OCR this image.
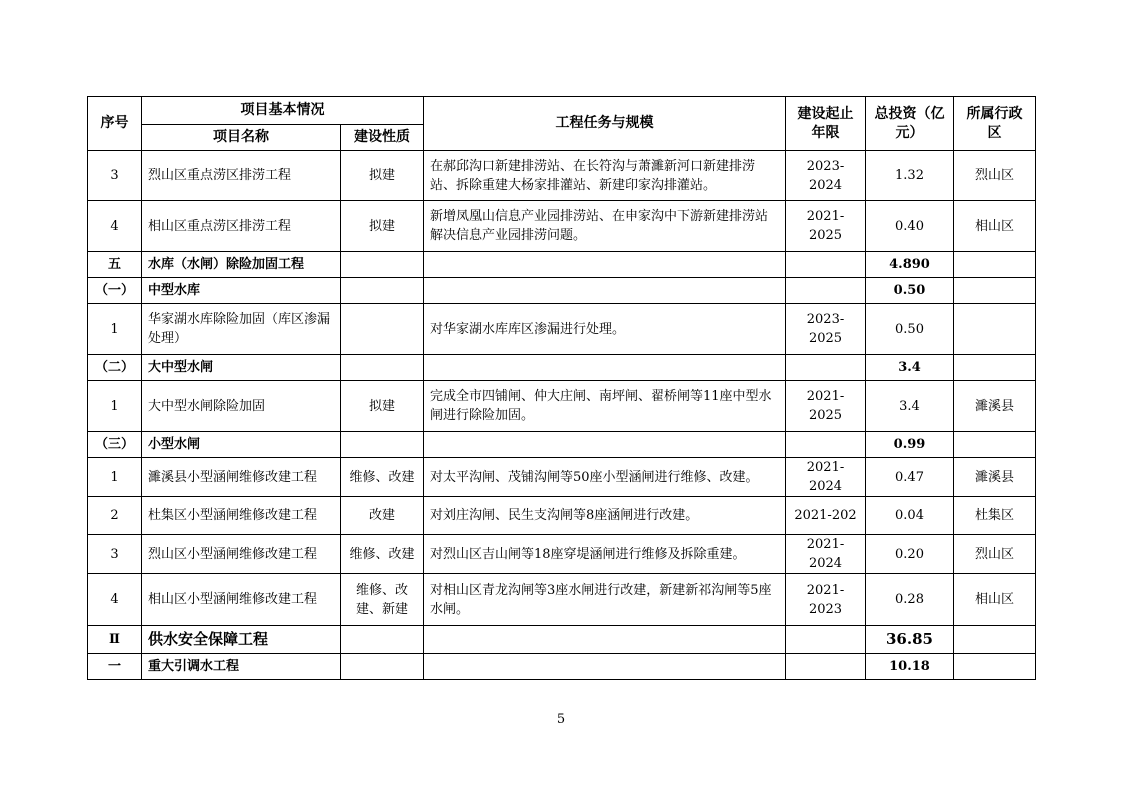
序号	项目基本情况		工程任务与规模	建设起止年限	总投资（亿元）	所属行政区
	项目名称	建设性质				
3	烈山区重点涝区排涝工程	拟建	在郝邱沟口新建排涝站、在长符沟与萧濉新河口新建排涝站、拆除重建大杨家排灌站、新建印家沟排灌站。	2023-2024	1.32	烈山区
4	相山区重点涝区排涝工程	拟建	新增凤凰山信息产业园排涝站、在申家沟中下游新建排涝站解决信息产业园排涝问题。	2021-2025	0.40	相山区
五	水库（水闸）除险加固工程				4.890	
（一）	中型水库				0.50	
1	华家湖水库除险加固（库区渗漏处理）		对华家湖水库库区渗漏进行处理。	2023-2025	0.50	
（二）	大中型水闸				3.4	
1	大中型水闸除险加固	拟建	完成全市四铺闸、仲大庄闸、南坪闸、翟桥闸等11座中型水闸进行除险加固。	2021-2025	3.4	濉溪县
（三）	小型水闸				0.99	
1	濉溪县小型涵闸维修改建工程	维修、改建	对太平沟闸、茂铺沟闸等50座小型涵闸进行维修、改建。	2021-2024	0.47	濉溪县
2	杜集区小型涵闸维修改建工程	改建	对刘庄沟闸、民生支沟闸等8座涵闸进行改建。	2021-202	0.04	杜集区
3	烈山区小型涵闸维修改建工程	维修、改建	对烈山区吉山闸等18座穿堤涵闸进行维修及拆除重建。	2021-2024	0.20	烈山区
4	相山区小型涵闸维修改建工程	维修、改建、新建	对相山区青龙沟闸等3座水闸进行改建，新建新祁沟闸等5座水闸。	2021-2023	0.28	相山区
Ⅱ	供水安全保障工程				36.85	
一	重大引调水工程				10.18	
5
